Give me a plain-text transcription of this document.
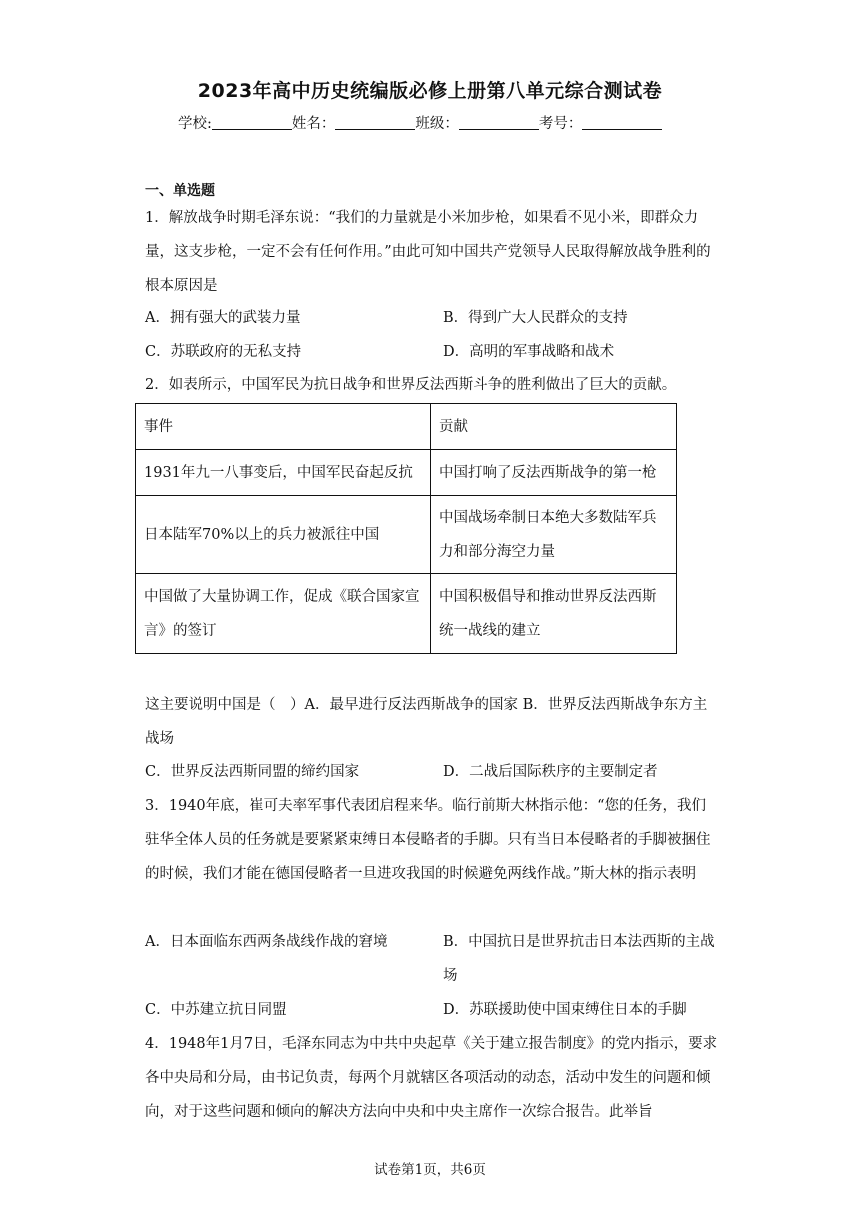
2023年高中历史统编版必修上册第八单元综合测试卷
学校:	姓名：	班级：	考号：
一、单选题
1．解放战争时期毛泽东说：“我们的力量就是小米加步枪，如果看不见小米，即群众力量，这支步枪，一定不会有任何作用。”由此可知中国共产党领导人民取得解放战争胜利的根本原因是
A．拥有强大的武装力量	B．得到广大人民群众的支持
C．苏联政府的无私支持	D．高明的军事战略和战术
2．如表所示，中国军民为抗日战争和世界反法西斯斗争的胜利做出了巨大的贡献。
事件	贡献
1931年九一八事变后，中国军民奋起反抗	中国打响了反法西斯战争的第一枪
日本陆军70%以上的兵力被派往中国	中国战场牵制日本绝大多数陆军兵力和部分海空力量
中国做了大量协调工作，促成《联合国家宣言》的签订	中国积极倡导和推动世界反法西斯统一战线的建立
这主要说明中国是（　）A．最早进行反法西斯战争的国家 B．世界反法西斯战争东方主战场
C．世界反法西斯同盟的缔约国家	D．二战后国际秩序的主要制定者
3．1940年底，崔可夫率军事代表团启程来华。临行前斯大林指示他：“您的任务，我们驻华全体人员的任务就是要紧紧束缚日本侵略者的手脚。只有当日本侵略者的手脚被捆住的时候，我们才能在德国侵略者一旦进攻我国的时候避免两线作战。”斯大林的指示表明
A．日本面临东西两条战线作战的窘境	B．中国抗日是世界抗击日本法西斯的主战场
C．中苏建立抗日同盟	D．苏联援助使中国束缚住日本的手脚
4．1948年1月7日，毛泽东同志为中共中央起草《关于建立报告制度》的党内指示，要求各中央局和分局，由书记负责，每两个月就辖区各项活动的动态，活动中发生的问题和倾向，对于这些问题和倾向的解决方法向中央和中央主席作一次综合报告。此举旨
试卷第1页，共6页
